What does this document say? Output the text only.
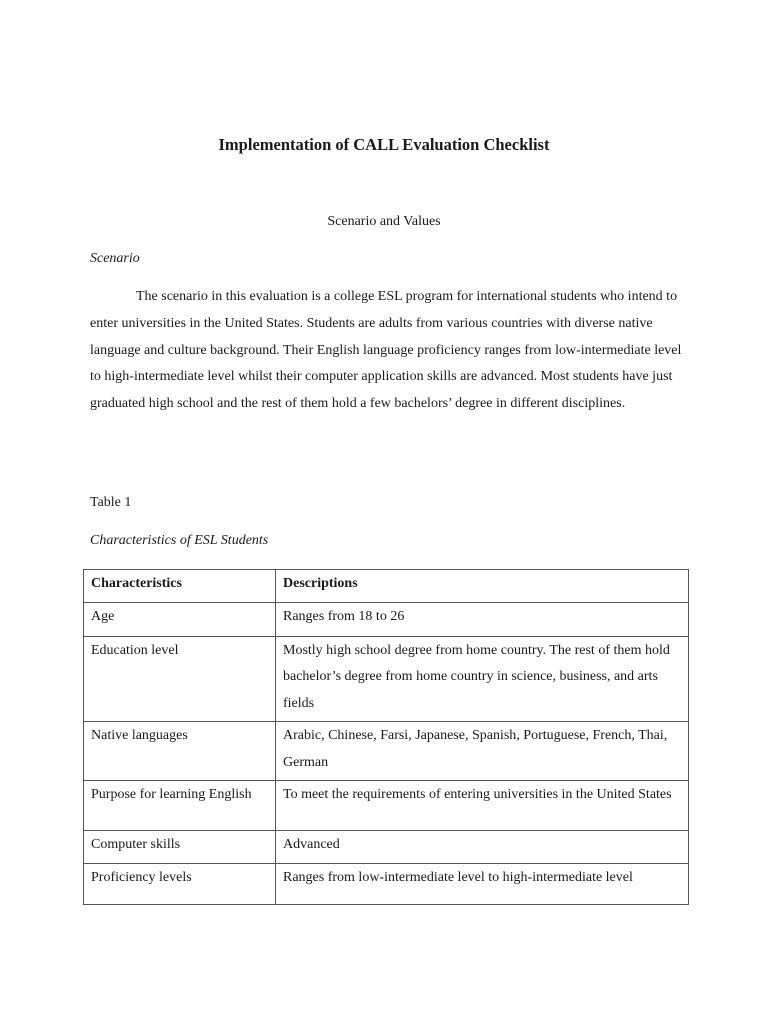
Implementation of CALL Evaluation Checklist
Scenario and Values
Scenario

The scenario in this evaluation is a college ESL program for international students who intend to enter universities in the United States. Students are adults from various countries with diverse native language and culture background. Their English language proficiency ranges from low-intermediate level to high-intermediate level whilst their computer application skills are advanced. Most students have just graduated high school and the rest of them hold a few bachelors’ degree in different disciplines.

Table 1
Characteristics of ESL Students
Characteristics	Descriptions
Age	Ranges from 18 to 26
Education level	Mostly high school degree from home country. The rest of them hold bachelor’s degree from home country in science, business, and arts fields
Native languages	Arabic, Chinese, Farsi, Japanese, Spanish, Portuguese, French, Thai, German
Purpose for learning English	To meet the requirements of entering universities in the United States
Computer skills	Advanced
Proficiency levels	Ranges from low-intermediate level to high-intermediate level
